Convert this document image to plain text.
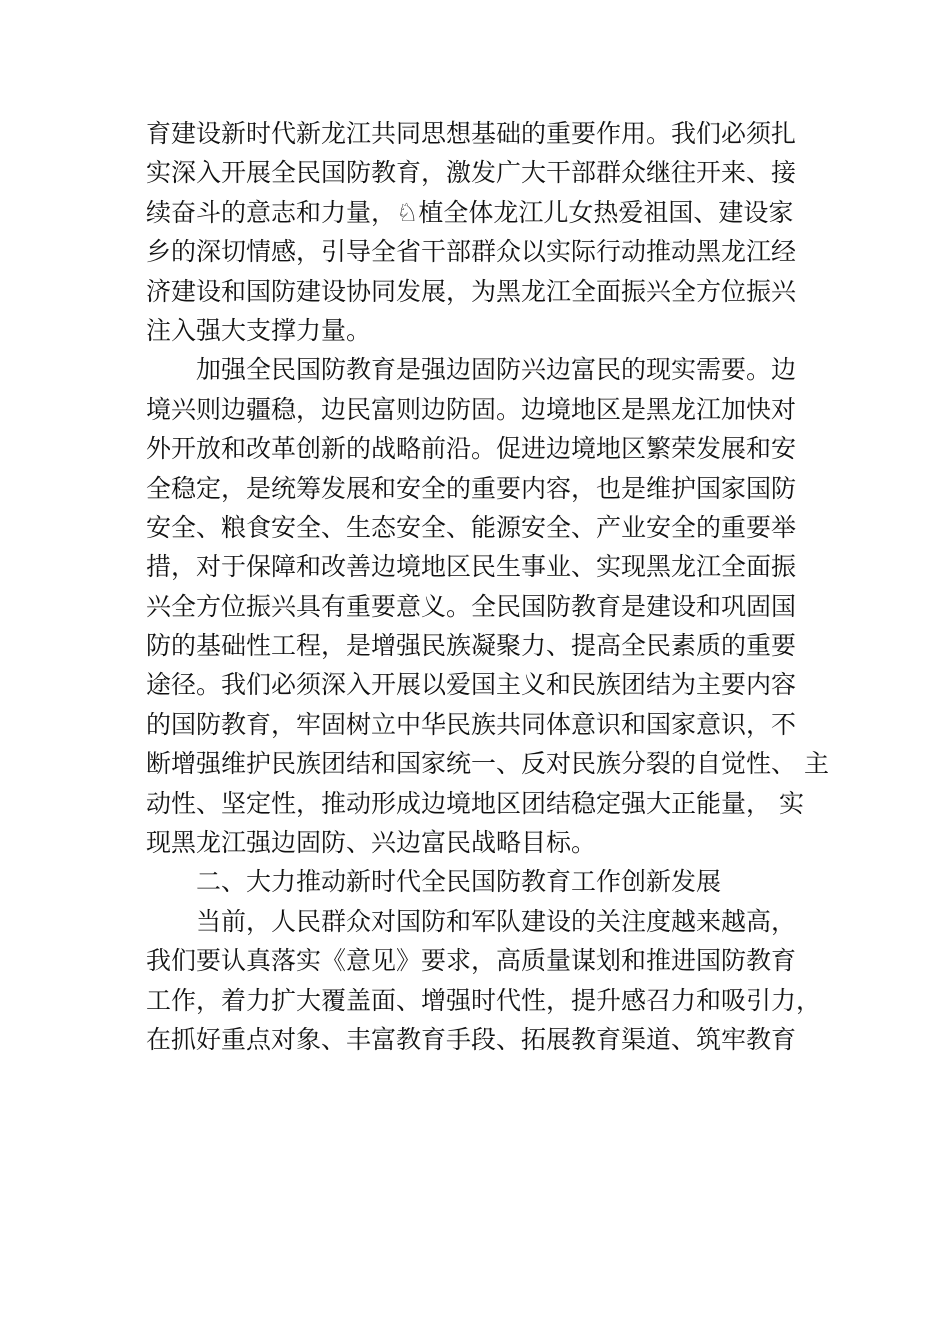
育建设新时代新龙江共同思想基础的重要作用。我们必须扎
实深入开展全民国防教育，激发广大干部群众继往开来、接
续奋斗的意志和力量，♘植全体龙江儿女热爱祖国、建设家
乡的深切情感，引导全省干部群众以实际行动推动黑龙江经
济建设和国防建设协同发展，为黑龙江全面振兴全方位振兴
注入强大支撑力量。
加强全民国防教育是强边固防兴边富民的现实需要。边
境兴则边疆稳，边民富则边防固。边境地区是黑龙江加快对
外开放和改革创新的战略前沿。促进边境地区繁荣发展和安
全稳定，是统筹发展和安全的重要内容，也是维护国家国防
安全、粮食安全、生态安全、能源安全、产业安全的重要举
措，对于保障和改善边境地区民生事业、实现黑龙江全面振
兴全方位振兴具有重要意义。全民国防教育是建设和巩固国
防的基础性工程，是增强民族凝聚力、提高全民素质的重要
途径。我们必须深入开展以爱国主义和民族团结为主要内容
的国防教育，牢固树立中华民族共同体意识和国家意识，不
断增强维护民族团结和国家统一、反对民族分裂的自觉性、 主
动性、坚定性，推动形成边境地区团结稳定强大正能量， 实
现黑龙江强边固防、兴边富民战略目标。
二、大力推动新时代全民国防教育工作创新发展
当前，人民群众对国防和军队建设的关注度越来越高，
我们要认真落实《意见》要求，高质量谋划和推进国防教育
工作，着力扩大覆盖面、增强时代性，提升感召力和吸引力，
在抓好重点对象、丰富教育手段、拓展教育渠道、筑牢教育
